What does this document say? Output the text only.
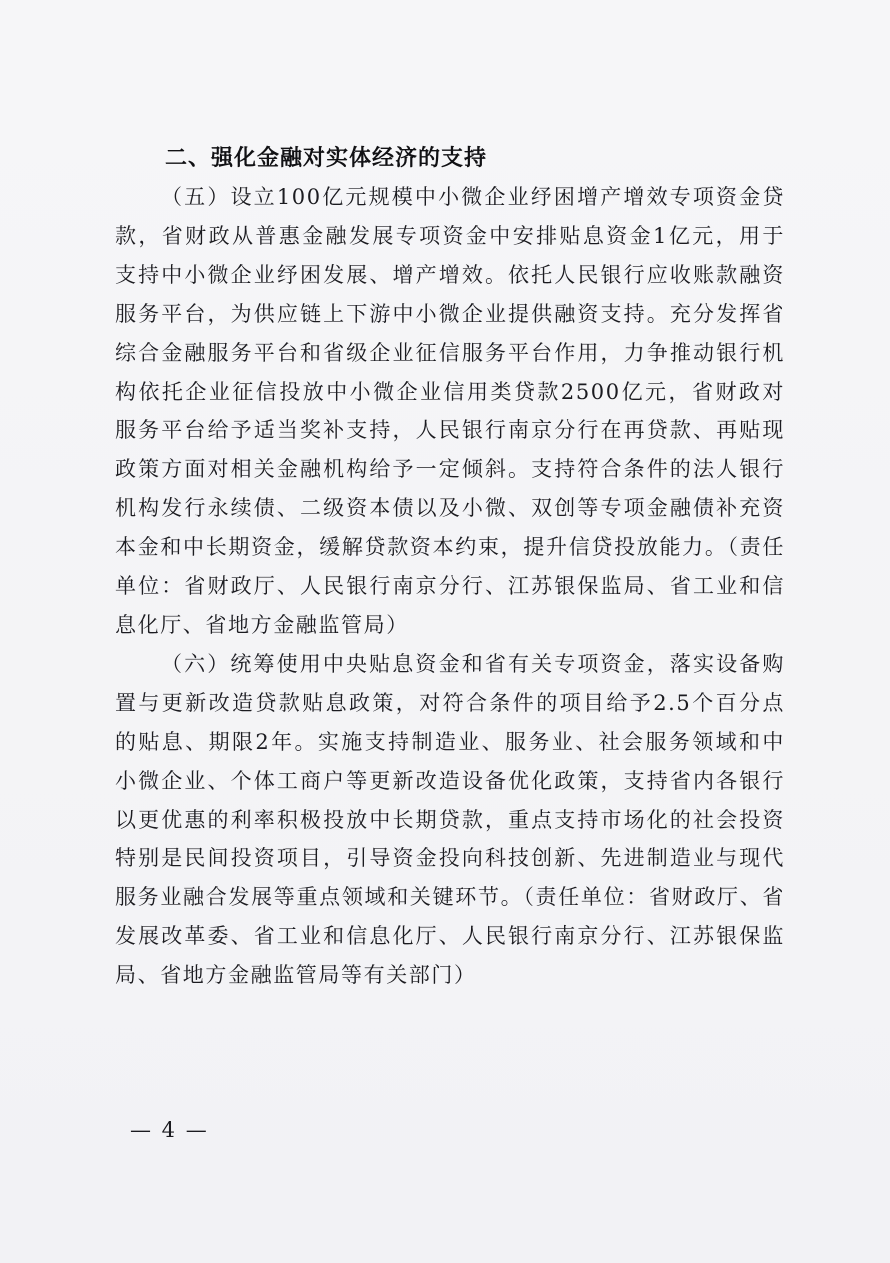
二、强化金融对实体经济的支持

（五）设立100亿元规模中小微企业纾困增产增效专项资金贷款，省财政从普惠金融发展专项资金中安排贴息资金1亿元，用于支持中小微企业纾困发展、增产增效。依托人民银行应收账款融资服务平台，为供应链上下游中小微企业提供融资支持。充分发挥省综合金融服务平台和省级企业征信服务平台作用，力争推动银行机构依托企业征信投放中小微企业信用类贷款2500亿元，省财政对服务平台给予适当奖补支持，人民银行南京分行在再贷款、再贴现政策方面对相关金融机构给予一定倾斜。支持符合条件的法人银行机构发行永续债、二级资本债以及小微、双创等专项金融债补充资本金和中长期资金，缓解贷款资本约束，提升信贷投放能力。（责任单位：省财政厅、人民银行南京分行、江苏银保监局、省工业和信息化厅、省地方金融监管局）

（六）统筹使用中央贴息资金和省有关专项资金，落实设备购置与更新改造贷款贴息政策，对符合条件的项目给予2.5个百分点的贴息、期限2年。实施支持制造业、服务业、社会服务领域和中小微企业、个体工商户等更新改造设备优化政策，支持省内各银行以更优惠的利率积极投放中长期贷款，重点支持市场化的社会投资特别是民间投资项目，引导资金投向科技创新、先进制造业与现代服务业融合发展等重点领域和关键环节。（责任单位：省财政厅、省发展改革委、省工业和信息化厅、人民银行南京分行、江苏银保监局、省地方金融监管局等有关部门）

— 4 —
